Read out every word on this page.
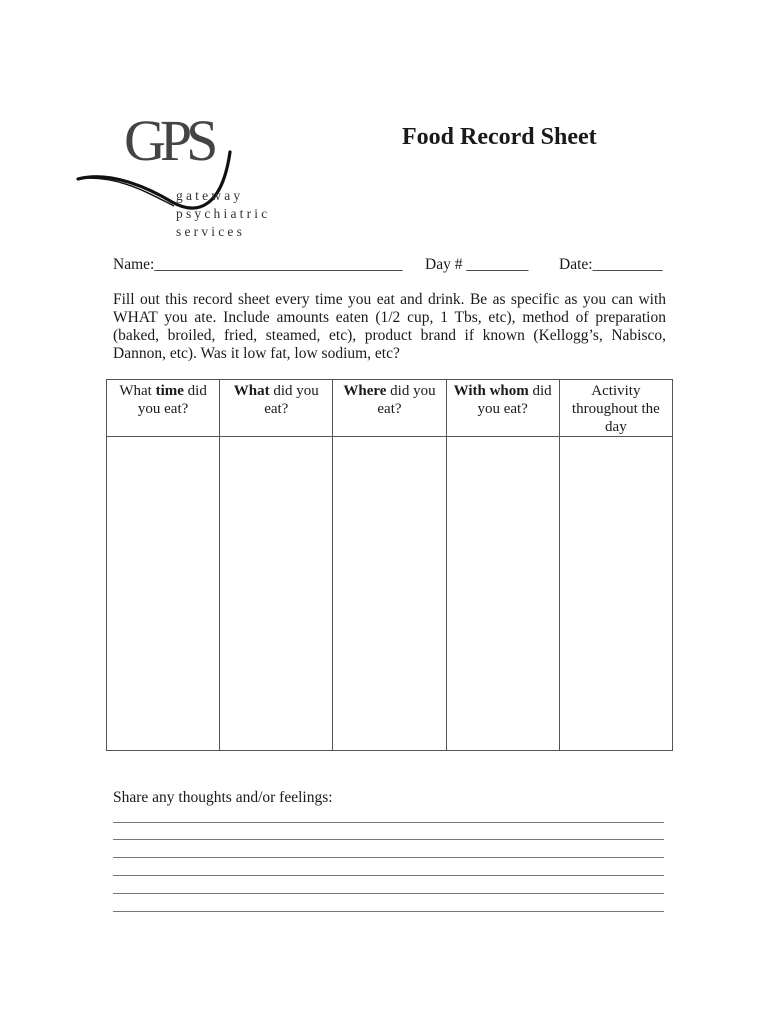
GPS
gateway
psychiatric
services
Food Record Sheet
Name:________________________________ Day # ________ Date:_________

Fill out this record sheet every time you eat and drink. Be as specific as you can with WHAT you ate. Include amounts eaten (1/2 cup, 1 Tbs, etc), method of preparation (baked, broiled, fried, steamed, etc), product brand if known (Kellogg’s, Nabisco, Dannon, etc). Was it low fat, low sodium, etc?

What time did you eat?	What did you eat?	Where did you eat?	With whom did you eat?	Activity throughout the day

Share any thoughts and/or feelings:
